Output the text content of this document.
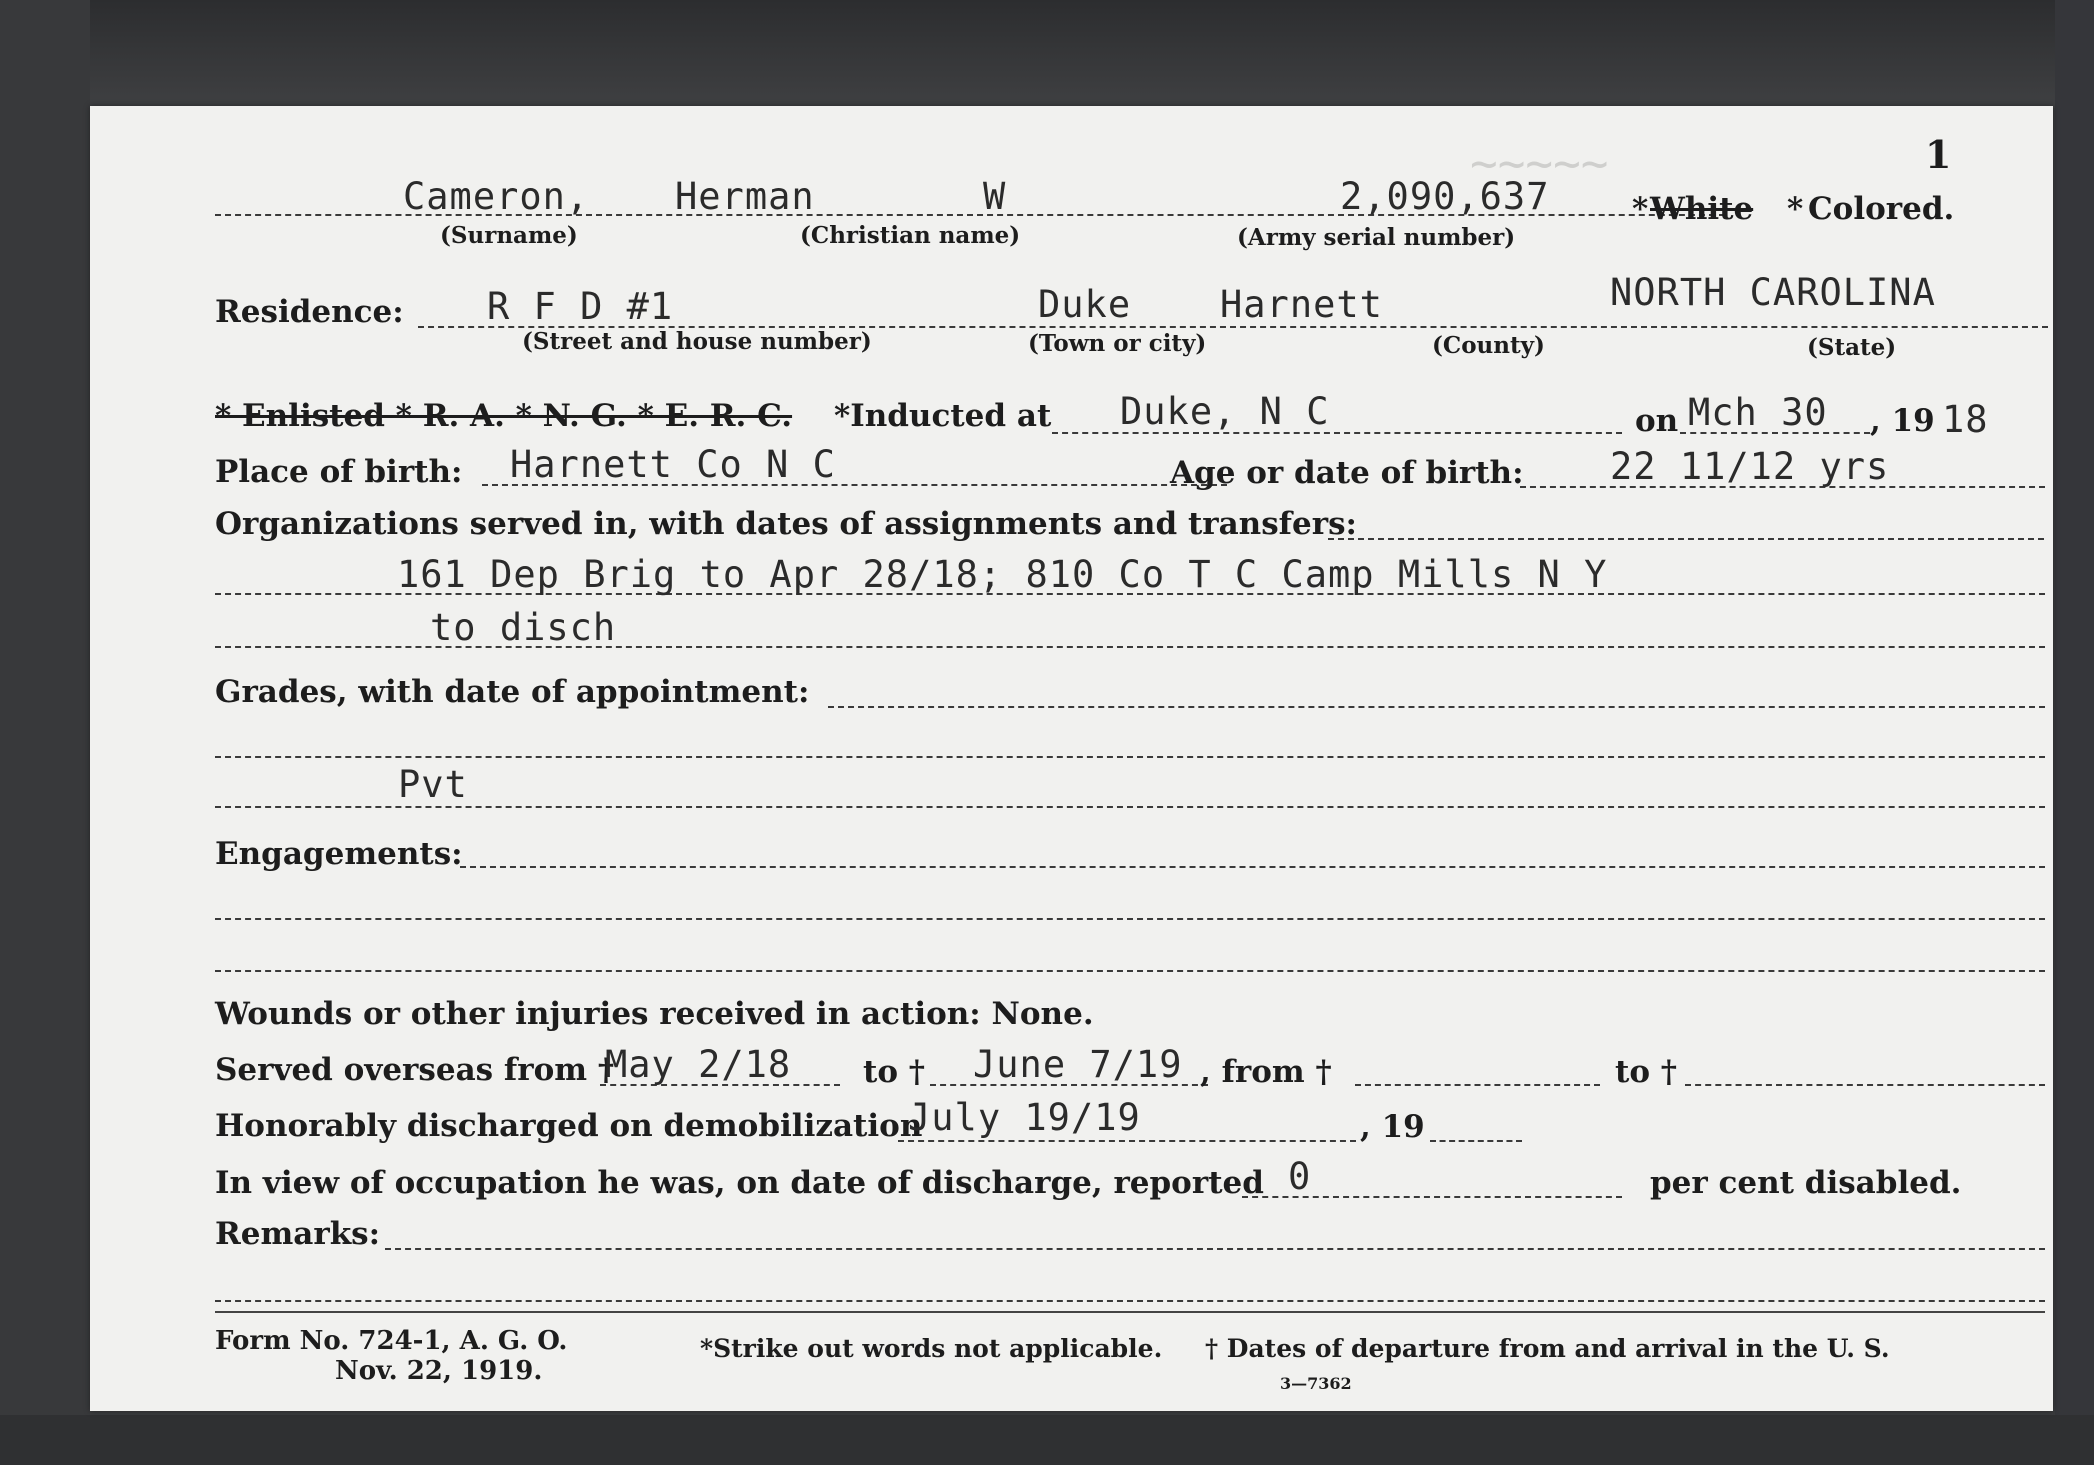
~~~~~	1
Cameron, Herman	W	2,090,637	* White * Colored.
(Surname)	(Christian name)	(Army serial number)
Residence: R F D #1	Duke Harnett	NORTH CAROLINA
(Street and house number)	(Town or city)	(County)	(State)
* Enlisted * R. A. * N. G. * E. R. C. *Inducted at Duke, N C	on Mch 30 , 19 18
Place of birth: Harnett Co N C	Age or date of birth: 22 11/12 yrs
Organizations served in, with dates of assignments and transfers:
161 Dep Brig to Apr 28/18; 810 Co T C Camp Mills N Y
to disch
Grades, with date of appointment:
Pvt
Engagements:
Wounds or other injuries received in action: None.
Served overseas from †
May 2/18 to † June 7/19 , from †	to †
Honorably discharged on demobilization
July 19/19	, 19
In view of occupation he was, on date of discharge, reported 0	per cent disabled.
Remarks:
Form No. 724-1, A. G. O.
Nov. 22, 1919.
*Strike out words not applicable. † Dates of departure from and arrival in the U. S.
3—7362
